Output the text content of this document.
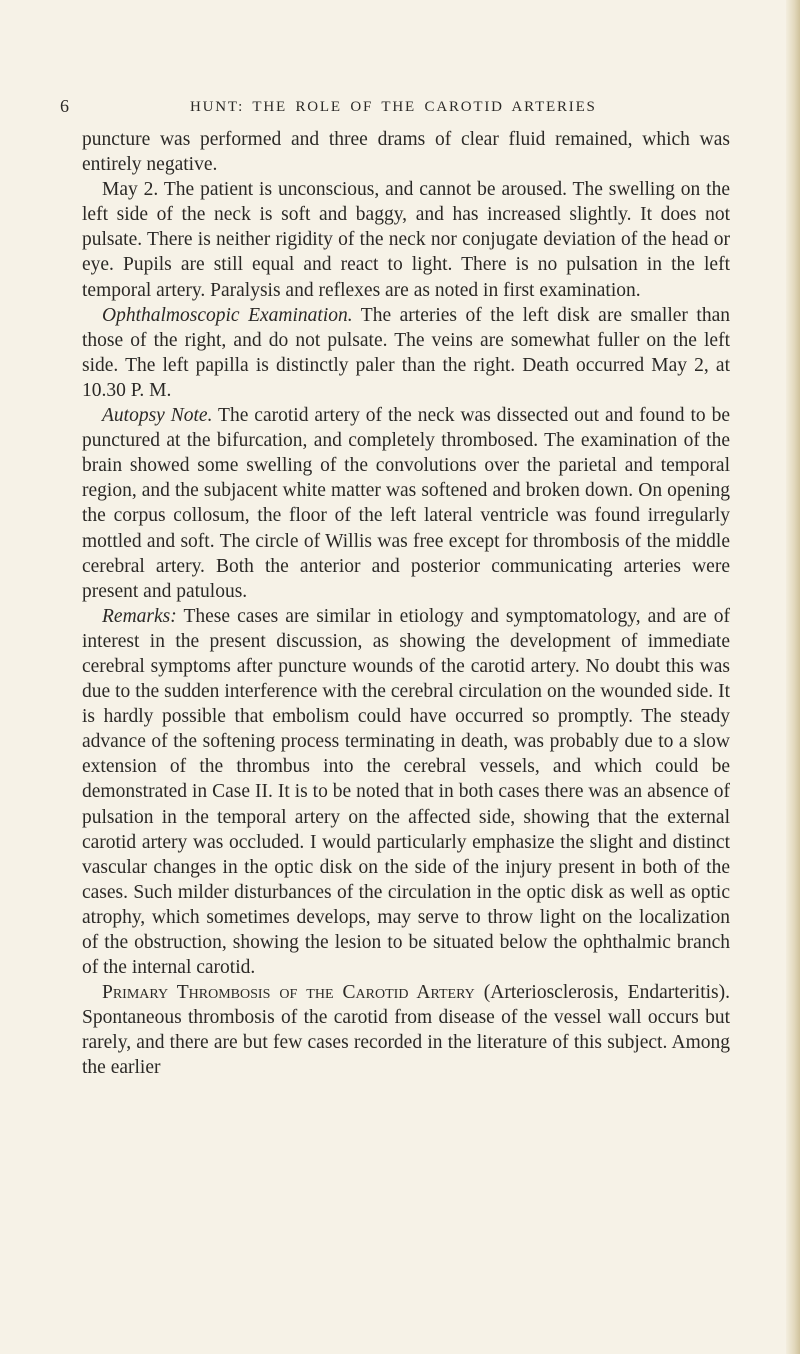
6	HUNT: THE ROLE OF THE CAROTID ARTERIES

puncture was performed and three drams of clear fluid remained, which was entirely negative.

May 2. The patient is unconscious, and cannot be aroused. The swelling on the left side of the neck is soft and baggy, and has increased slightly. It does not pulsate. There is neither rigidity of the neck nor conjugate deviation of the head or eye. Pupils are still equal and react to light. There is no pulsation in the left temporal artery. Paralysis and reflexes are as noted in first examination.

Ophthalmoscopic Examination. The arteries of the left disk are smaller than those of the right, and do not pulsate. The veins are somewhat fuller on the left side. The left papilla is distinctly paler than the right. Death occurred May 2, at 10.30 P. M.

Autopsy Note. The carotid artery of the neck was dissected out and found to be punctured at the bifurcation, and completely thrombosed. The examination of the brain showed some swelling of the convolutions over the parietal and temporal region, and the subjacent white matter was softened and broken down. On opening the corpus collosum, the floor of the left lateral ventricle was found irregularly mottled and soft. The circle of Willis was free except for thrombosis of the middle cerebral artery. Both the anterior and posterior communicating arteries were present and patulous.

Remarks: These cases are similar in etiology and symptomatology, and are of interest in the present discussion, as showing the development of immediate cerebral symptoms after puncture wounds of the carotid artery. No doubt this was due to the sudden interference with the cerebral circulation on the wounded side. It is hardly possible that embolism could have occurred so promptly. The steady advance of the softening process terminating in death, was probably due to a slow extension of the thrombus into the cerebral vessels, and which could be demonstrated in Case II. It is to be noted that in both cases there was an absence of pulsation in the temporal artery on the affected side, showing that the external carotid artery was occluded. I would particularly emphasize the slight and distinct vascular changes in the optic disk on the side of the injury present in both of the cases. Such milder disturbances of the circulation in the optic disk as well as optic atrophy, which sometimes develops, may serve to throw light on the localization of the obstruction, showing the lesion to be situated below the ophthalmic branch of the internal carotid.

Primary Thrombosis of the Carotid Artery (Arteriosclerosis, Endarteritis). Spontaneous thrombosis of the carotid from disease of the vessel wall occurs but rarely, and there are but few cases recorded in the literature of this subject. Among the earlier
